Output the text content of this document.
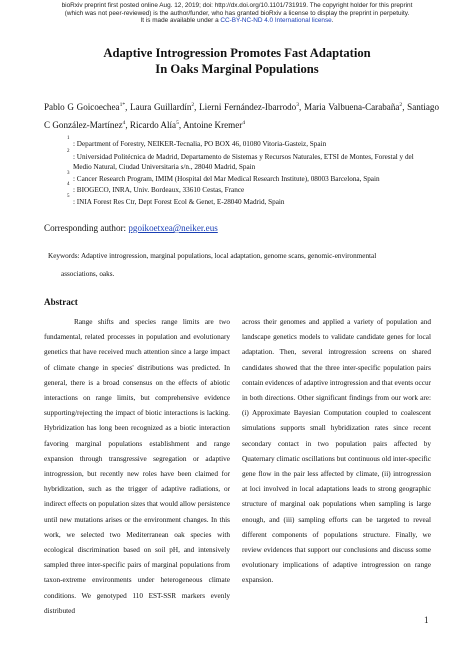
bioRxiv preprint first posted online Aug. 12, 2019; doi: http://dx.doi.org/10.1101/731919. The copyright holder for this preprint
(which was not peer-reviewed) is the author/funder, who has granted bioRxiv a license to display the preprint in perpetuity.
It is made available under a CC-BY-NC-ND 4.0 International license.
Adaptive Introgression Promotes Fast Adaptation
In Oaks Marginal Populations
Pablo G Goicoechea$^{1*}$, Laura Guillardín$^2$, Lierni Fernández-Ibarrodo$^3$, Maria Valbuena-Carabaña$^2$, Santiago C González-Martínez$^4$, Ricardo Alía$^5$, Antoine Kremer$^4$
1
: Department of Forestry, NEIKER-Tecnalia, PO BOX 46, 01080 Vitoria-Gasteiz, Spain
2
: Universidad Politécnica de Madrid, Departamento de Sistemas y Recursos Naturales, ETSI de Montes, Forestal y del Medio Natural, Ciudad Universitaria s/n., 28040 Madrid, Spain
3
: Cancer Research Program, IMIM (Hospital del Mar Medical Research Institute), 08003 Barcelona, Spain
4
: BIOGECO, INRA, Univ. Bordeaux, 33610 Cestas, France
5
: INIA Forest Res Ctr, Dept Forest Ecol & Genet, E-28040 Madrid, Spain
Corresponding author: pgoikoetxea@neiker.eus
Keywords: Adaptive introgression, marginal populations, local adaptation, genome scans, genomic-environmental
associations, oaks.
Abstract

Range shifts and species range limits are two fundamental, related processes in population and evolutionary genetics that have received much attention since a large impact of climate change in species' distributions was predicted. In general, there is a broad consensus on the effects of abiotic interactions on range limits, but comprehensive evidence supporting/rejecting the impact of biotic interactions is lacking. Hybridization has long been recognized as a biotic interaction favoring marginal populations establishment and range expansion through transgressive segregation or adaptive introgression, but recently new roles have been claimed for hybridization, such as the trigger of adaptive radiations, or indirect effects on population sizes that would allow persistence until new mutations arises or the environment changes. In this work, we selected two Mediterranean oak species with ecological discrimination based on soil pH, and intensively sampled three inter-specific pairs of marginal populations from taxon-extreme environments under heterogeneous climate conditions. We genotyped 110 EST-SSR markers evenly distributed

across their genomes and applied a variety of population and landscape genetics models to validate candidate genes for local adaptation. Then, several introgression screens on shared candidates showed that the three inter-specific population pairs contain evidences of adaptive introgression and that events occur in both directions. Other significant findings from our work are: (i) Approximate Bayesian Computation coupled to coalescent simulations supports small hybridization rates since recent secondary contact in two population pairs affected by Quaternary climatic oscillations but continuous old inter-specific gene flow in the pair less affected by climate, (ii) introgression at loci involved in local adaptations leads to strong geographic structure of marginal oak populations when sampling is large enough, and (iii) sampling efforts can be targeted to reveal different components of populations structure. Finally, we review evidences that support our conclusions and discuss some evolutionary implications of adaptive introgression on range expansion.

1
